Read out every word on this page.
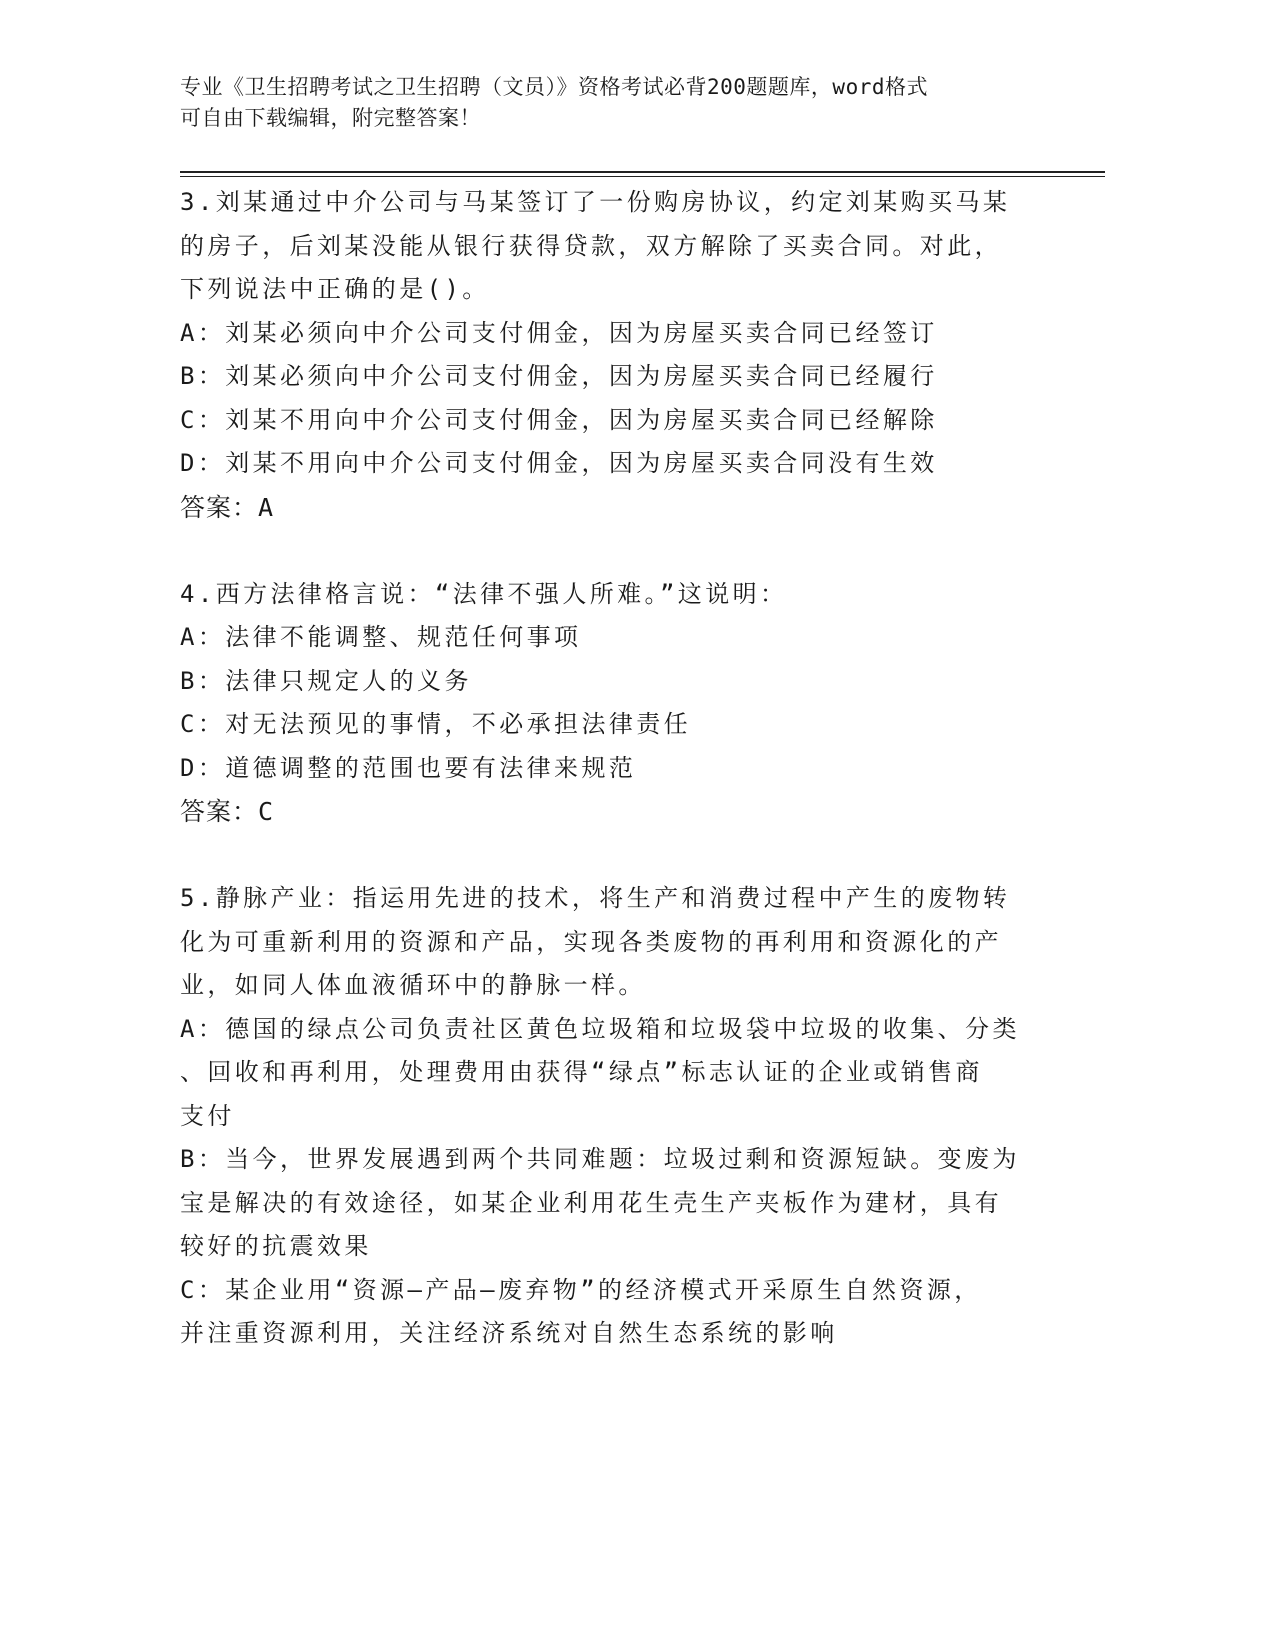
专业《卫生招聘考试之卫生招聘（文员）》资格考试必背200题题库，word格式
可自由下载编辑，附完整答案！
3.刘某通过中介公司与马某签订了一份购房协议，约定刘某购买马某
的房子，后刘某没能从银行获得贷款，双方解除了买卖合同。对此，
下列说法中正确的是()。
A：刘某必须向中介公司支付佣金，因为房屋买卖合同已经签订
B：刘某必须向中介公司支付佣金，因为房屋买卖合同已经履行
C：刘某不用向中介公司支付佣金，因为房屋买卖合同已经解除
D：刘某不用向中介公司支付佣金，因为房屋买卖合同没有生效
答案：A
4.西方法律格言说：“法律不强人所难。”这说明：
A：法律不能调整、规范任何事项
B：法律只规定人的义务
C：对无法预见的事情，不必承担法律责任
D：道德调整的范围也要有法律来规范
答案：C
5.静脉产业：指运用先进的技术，将生产和消费过程中产生的废物转
化为可重新利用的资源和产品，实现各类废物的再利用和资源化的产
业，如同人体血液循环中的静脉一样。
A：德国的绿点公司负责社区黄色垃圾箱和垃圾袋中垃圾的收集、分类
、回收和再利用，处理费用由获得“绿点”标志认证的企业或销售商
支付
B：当今，世界发展遇到两个共同难题：垃圾过剩和资源短缺。变废为
宝是解决的有效途径，如某企业利用花生壳生产夹板作为建材，具有
较好的抗震效果
C：某企业用“资源—产品—废弃物”的经济模式开采原生自然资源，
并注重资源利用，关注经济系统对自然生态系统的影响
